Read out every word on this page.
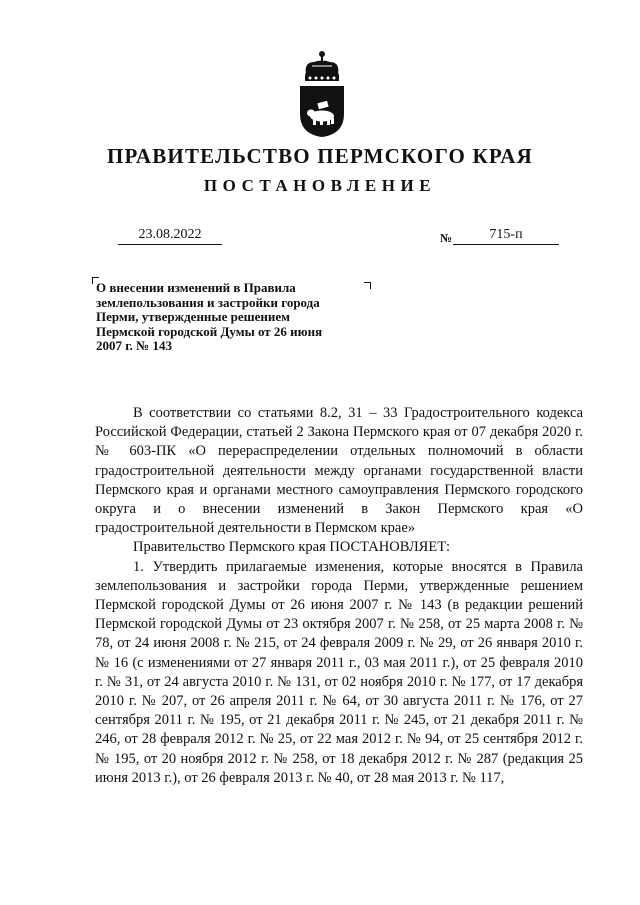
ПРАВИТЕЛЬСТВО ПЕРМСКОГО КРАЯ
ПОСТАНОВЛЕНИЕ
23.08.2022	№	715-п
О внесении изменений в Правила
землепользования и застройки города
Перми, утвержденные решением
Пермской городской Думы от 26 июня
2007 г. № 143
В соответствии со статьями 8.2, 31 – 33 Градостроительного кодекса Российской Федерации, статьей 2 Закона Пермского края от 07 декабря 2020 г. № 603-ПК «О перераспределении отдельных полномочий в области градостроительной деятельности между органами государственной власти Пермского края и органами местного самоуправления Пермского городского округа и о внесении изменений в Закон Пермского края «О градостроительной деятельности в Пермском крае»
Правительство Пермского края ПОСТАНОВЛЯЕТ:
1. Утвердить прилагаемые изменения, которые вносятся в Правила землепользования и застройки города Перми, утвержденные решением Пермской городской Думы от 26 июня 2007 г. № 143 (в редакции решений Пермской городской Думы от 23 октября 2007 г. № 258, от 25 марта 2008 г. № 78, от 24 июня 2008 г. № 215, от 24 февраля 2009 г. № 29, от 26 января 2010 г. № 16 (с изменениями от 27 января 2011 г., 03 мая 2011 г.), от 25 февраля 2010 г. № 31, от 24 августа 2010 г. № 131, от 02 ноября 2010 г. № 177, от 17 декабря 2010 г. № 207, от 26 апреля 2011 г. № 64, от 30 августа 2011 г. № 176, от 27 сентября 2011 г. № 195, от 21 декабря 2011 г. № 245, от 21 декабря 2011 г. № 246, от 28 февраля 2012 г. № 25, от 22 мая 2012 г. № 94, от 25 сентября 2012 г. № 195, от 20 ноября 2012 г. № 258, от 18 декабря 2012 г. № 287 (редакция 25 июня 2013 г.), от 26 февраля 2013 г. № 40, от 28 мая 2013 г. № 117,
